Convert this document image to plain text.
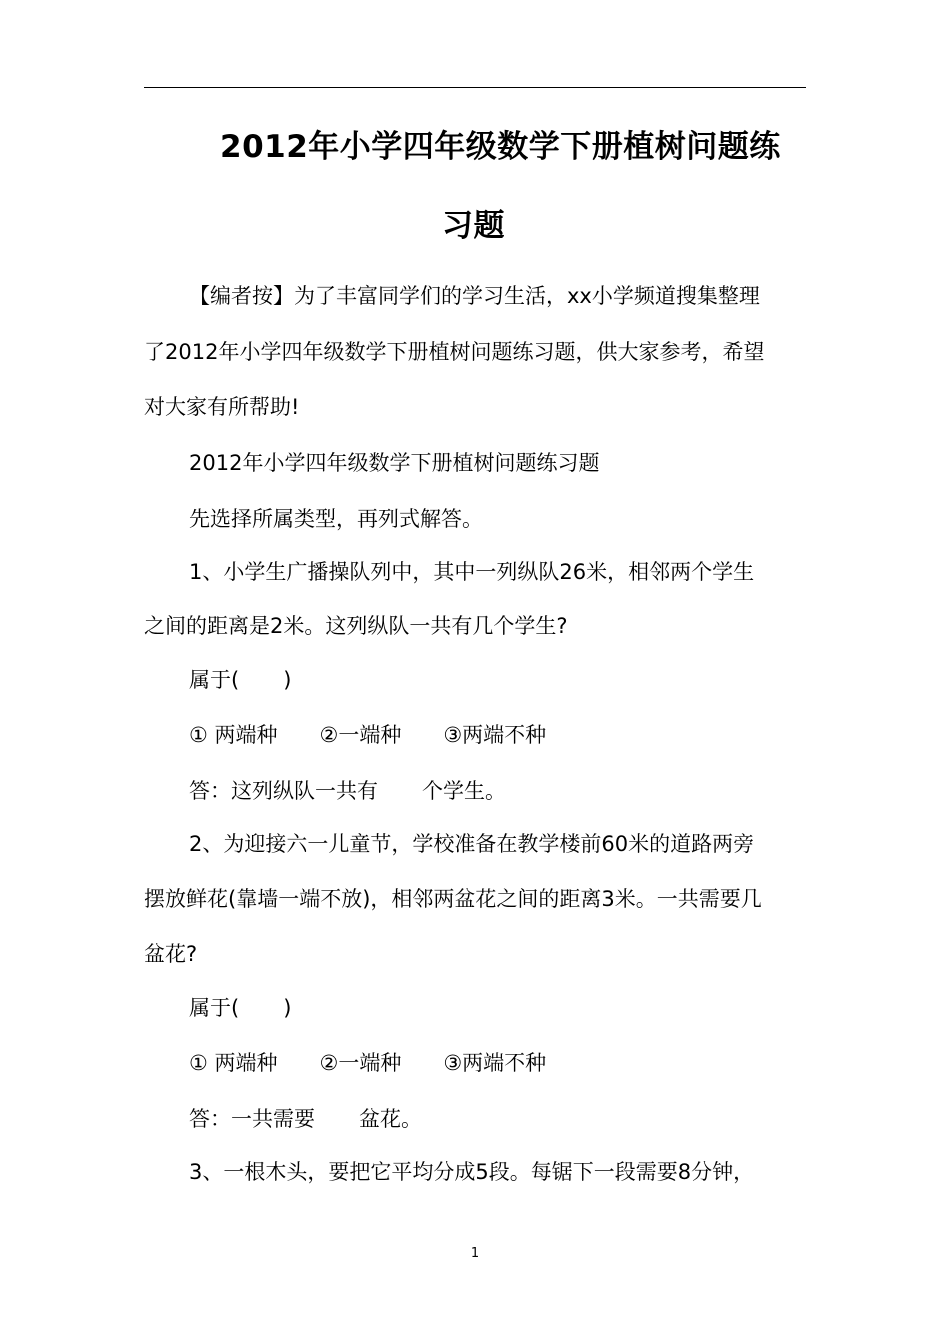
2012年小学四年级数学下册植树问题练
习题
【编者按】为了丰富同学们的学习生活，xx小学频道搜集整理
了2012年小学四年级数学下册植树问题练习题，供大家参考，希望
对大家有所帮助!
2012年小学四年级数学下册植树问题练习题
先选择所属类型，再列式解答。
1、小学生广播操队列中，其中一列纵队26米，相邻两个学生
之间的距离是2米。这列纵队一共有几个学生?
属于( )
① 两端种 ②一端种 ③两端不种
答：这列纵队一共有 个学生。
2、为迎接六一儿童节，学校准备在教学楼前60米的道路两旁
摆放鲜花(靠墙一端不放)，相邻两盆花之间的距离3米。一共需要几
盆花?
属于( )
① 两端种 ②一端种 ③两端不种
答：一共需要 盆花。
3、一根木头，要把它平均分成5段。每锯下一段需要8分钟，
1
